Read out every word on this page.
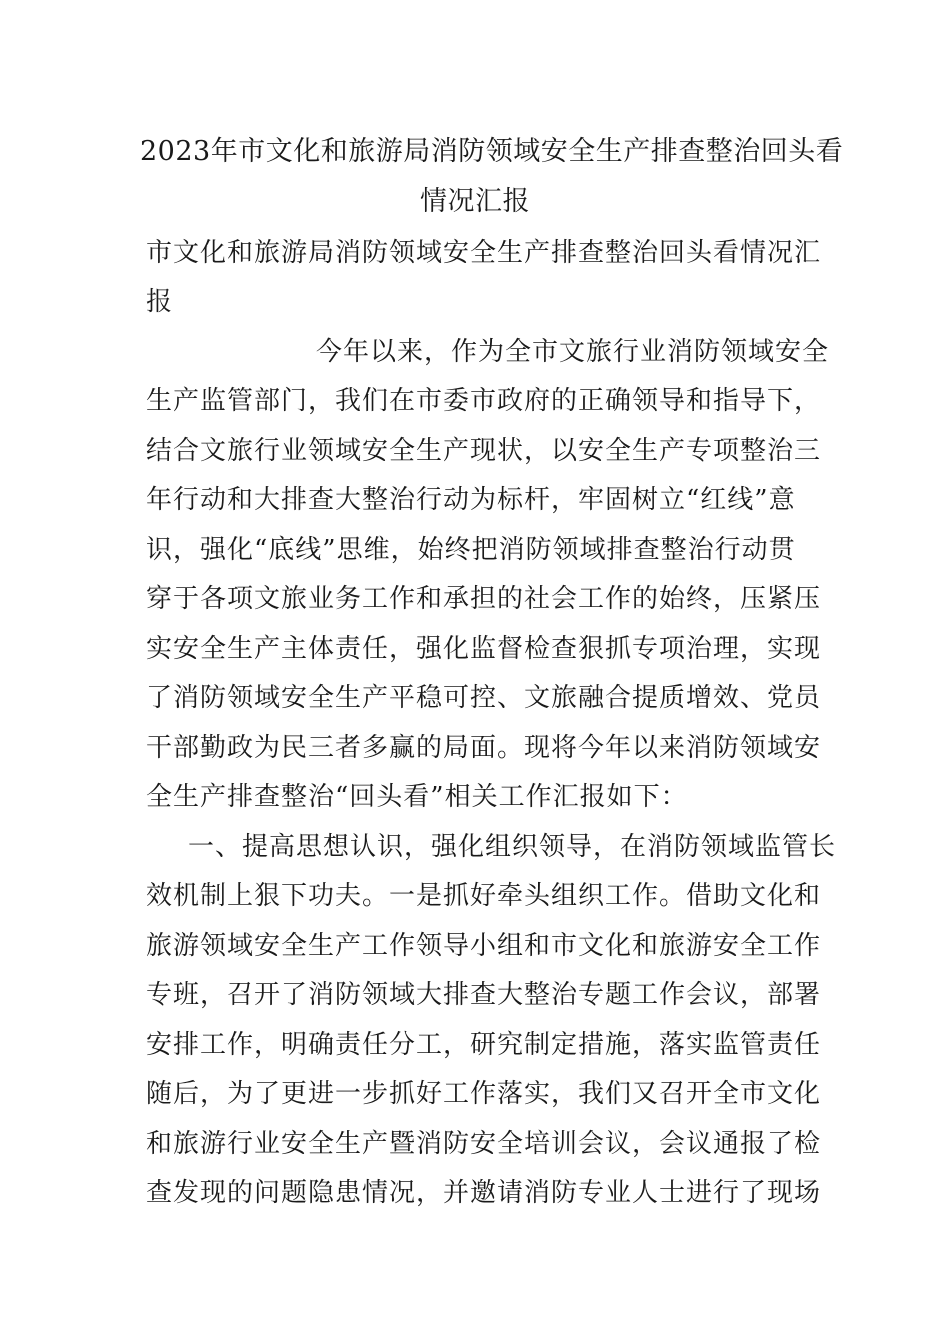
2023年市文化和旅游局消防领域安全生产排查整治回头看
情况汇报
市文化和旅游局消防领域安全生产排查整治回头看情况汇
报
今年以来，作为全市文旅行业消防领域安全
生产监管部门，我们在市委市政府的正确领导和指导下，
结合文旅行业领域安全生产现状，以安全生产专项整治三
年行动和大排查大整治行动为标杆，牢固树立“红线”意
识，强化“底线”思维，始终把消防领域排查整治行动贯
穿于各项文旅业务工作和承担的社会工作的始终，压紧压
实安全生产主体责任，强化监督检查狠抓专项治理，实现
了消防领域安全生产平稳可控、文旅融合提质增效、党员
干部勤政为民三者多赢的局面。现将今年以来消防领域安
全生产排查整治“回头看”相关工作汇报如下：
一、提高思想认识，强化组织领导，在消防领域监管长
效机制上狠下功夫。一是抓好牵头组织工作。借助文化和
旅游领域安全生产工作领导小组和市文化和旅游安全工作
专班，召开了消防领域大排查大整治专题工作会议，部署
安排工作，明确责任分工，研究制定措施，落实监管责任
随后，为了更进一步抓好工作落实，我们又召开全市文化
和旅游行业安全生产暨消防安全培训会议，会议通报了检
查发现的问题隐患情况，并邀请消防专业人士进行了现场
